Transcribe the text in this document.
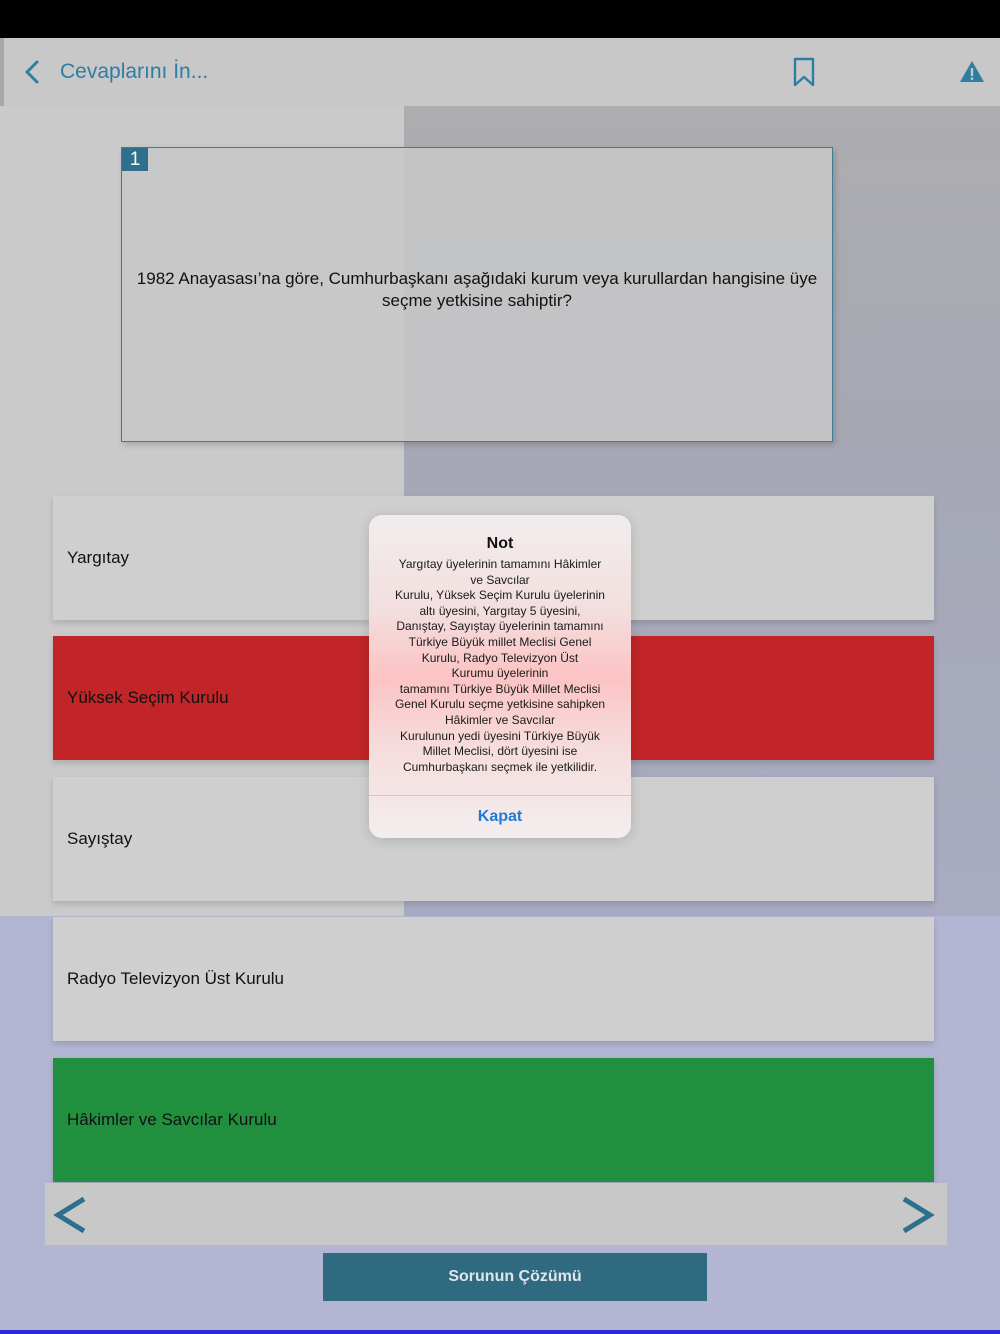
Cevaplarını İn...
1
1982 Anayasası’na göre, Cumhurbaşkanı aşağıdaki kurum veya kurullardan hangisine üye seçme yetkisine sahiptir?
Yargıtay
Yüksek Seçim Kurulu
Sayıştay
Radyo Televizyon Üst Kurulu
Hâkimler ve Savcılar Kurulu
Sorunun Çözümü
Not
Yargıtay üyelerinin tamamını Hâkimler
ve Savcılar
Kurulu, Yüksek Seçim Kurulu üyelerinin
altı üyesini, Yargıtay 5 üyesini,
Danıştay, Sayıştay üyelerinin tamamını
Türkiye Büyük millet Meclisi Genel
Kurulu, Radyo Televizyon Üst
Kurumu üyelerinin
tamamını Türkiye Büyük Millet Meclisi
Genel Kurulu seçme yetkisine sahipken
Hâkimler ve Savcılar
Kurulunun yedi üyesini Türkiye Büyük
Millet Meclisi, dört üyesini ise
Cumhurbaşkanı seçmek ile yetkilidir.
Kapat
